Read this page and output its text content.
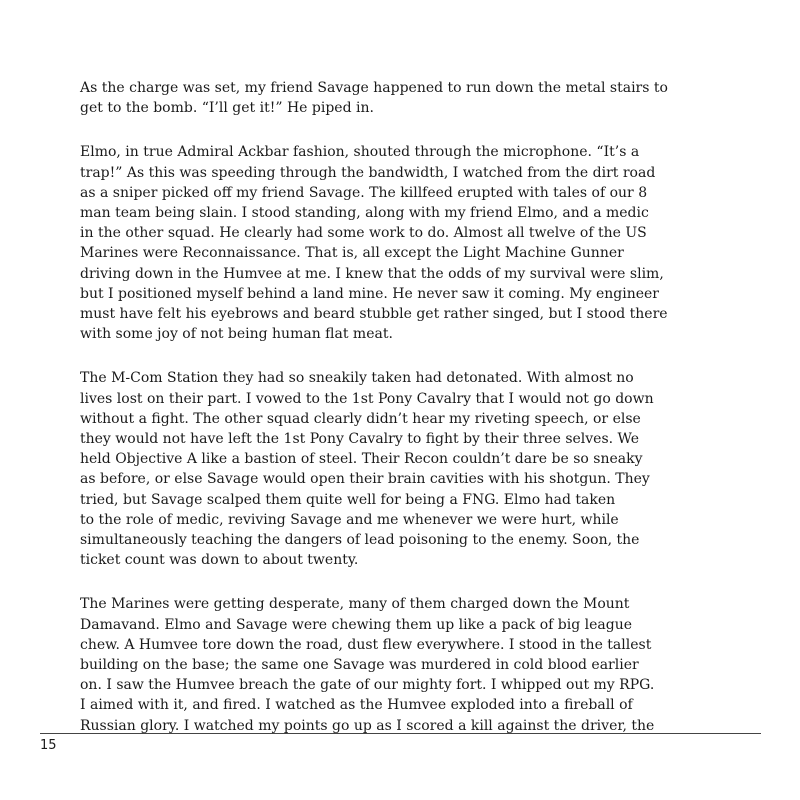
As the charge was set, my friend Savage happened to run down the metal stairs to
get to the bomb. “I’ll get it!” He piped in.

Elmo, in true Admiral Ackbar fashion, shouted through the microphone. “It’s a
trap!” As this was speeding through the bandwidth, I watched from the dirt road
as a sniper picked off my friend Savage. The killfeed erupted with tales of our 8
man team being slain. I stood standing, along with my friend Elmo, and a medic
in the other squad. He clearly had some work to do. Almost all twelve of the US
Marines were Reconnaissance. That is, all except the Light Machine Gunner
driving down in the Humvee at me. I knew that the odds of my survival were slim,
but I positioned myself behind a land mine. He never saw it coming. My engineer
must have felt his eyebrows and beard stubble get rather singed, but I stood there
with some joy of not being human flat meat.

The M-Com Station they had so sneakily taken had detonated. With almost no
lives lost on their part. I vowed to the 1st Pony Cavalry that I would not go down
without a fight. The other squad clearly didn’t hear my riveting speech, or else
they would not have left the 1st Pony Cavalry to fight by their three selves. We
held Objective A like a bastion of steel. Their Recon couldn’t dare be so sneaky
as before, or else Savage would open their brain cavities with his shotgun. They
tried, but Savage scalped them quite well for being a FNG. Elmo had taken
to the role of medic, reviving Savage and me whenever we were hurt, while
simultaneously teaching the dangers of lead poisoning to the enemy. Soon, the
ticket count was down to about twenty.

The Marines were getting desperate, many of them charged down the Mount
Damavand. Elmo and Savage were chewing them up like a pack of big league
chew. A Humvee tore down the road, dust flew everywhere. I stood in the tallest
building on the base; the same one Savage was murdered in cold blood earlier
on. I saw the Humvee breach the gate of our mighty fort. I whipped out my RPG.
I aimed with it, and fired. I watched as the Humvee exploded into a fireball of
Russian glory. I watched my points go up as I scored a kill against the driver, the

15
